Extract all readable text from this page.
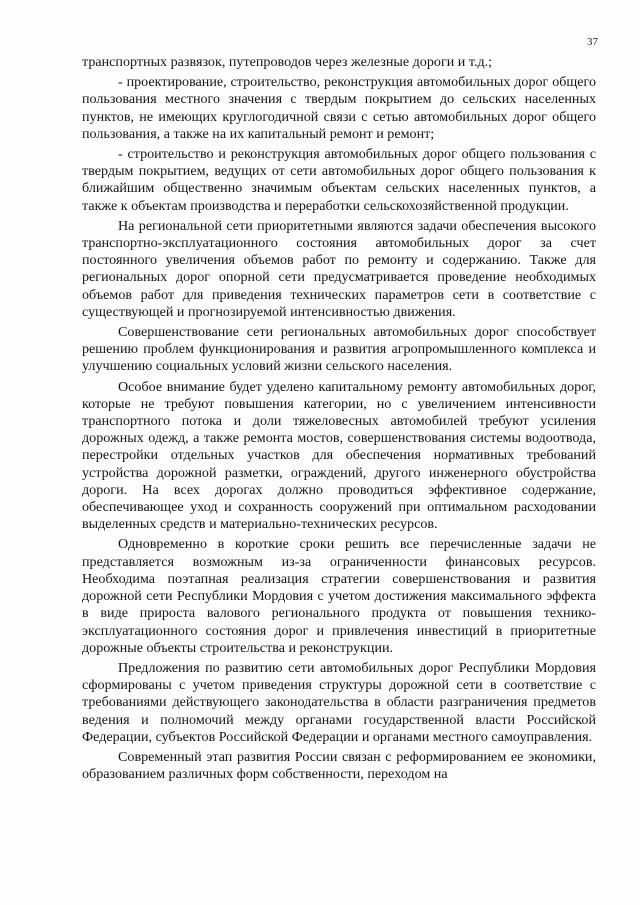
37

транспортных развязок, путепроводов через железные дороги и т.д.;

- проектирование, строительство, реконструкция автомобильных дорог общего пользования местного значения с твердым покрытием до сельских населенных пунктов, не имеющих круглогодичной связи с сетью автомобильных дорог общего пользования, а также на их капитальный ремонт и ремонт;

- строительство и реконструкция автомобильных дорог общего пользования с твердым покрытием, ведущих от сети автомобильных дорог общего пользования к ближайшим общественно значимым объектам сельских населенных пунктов, а также к объектам производства и переработки сельскохозяйственной продукции.

На региональной сети приоритетными являются задачи обеспечения высокого транспортно-эксплуатационного состояния автомобильных дорог за счет постоянного увеличения объемов работ по ремонту и содержанию. Также для региональных дорог опорной сети предусматривается проведение необходимых объемов работ для приведения технических параметров сети в соответствие с существующей и прогнозируемой интенсивностью движения.

Совершенствование сети региональных автомобильных дорог способствует решению проблем функционирования и развития агропромышленного комплекса и улучшению социальных условий жизни сельского населения.

Особое внимание будет уделено капитальному ремонту автомобильных дорог, которые не требуют повышения категории, но с увеличением интенсивности транспортного потока и доли тяжеловесных автомобилей требуют усиления дорожных одежд, а также ремонта мостов, совершенствования системы водоотвода, перестройки отдельных участков для обеспечения нормативных требований устройства дорожной разметки, ограждений, другого инженерного обустройства дороги. На всех дорогах должно проводиться эффективное содержание, обеспечивающее уход и сохранность сооружений при оптимальном расходовании выделенных средств и материально-технических ресурсов.

Одновременно в короткие сроки решить все перечисленные задачи не представляется возможным из-за ограниченности финансовых ресурсов. Необходима поэтапная реализация стратегии совершенствования и развития дорожной сети Республики Мордовия с учетом достижения максимального эффекта в виде прироста валового регионального продукта от повышения технико-эксплуатационного состояния дорог и привлечения инвестиций в приоритетные дорожные объекты строительства и реконструкции.

Предложения по развитию сети автомобильных дорог Республики Мордовия сформированы с учетом приведения структуры дорожной сети в соответствие с требованиями действующего законодательства в области разграничения предметов ведения и полномочий между органами государственной власти Российской Федерации, субъектов Российской Федерации и органами местного самоуправления.

Современный этап развития России связан с реформированием ее экономики, образованием различных форм собственности, переходом на
